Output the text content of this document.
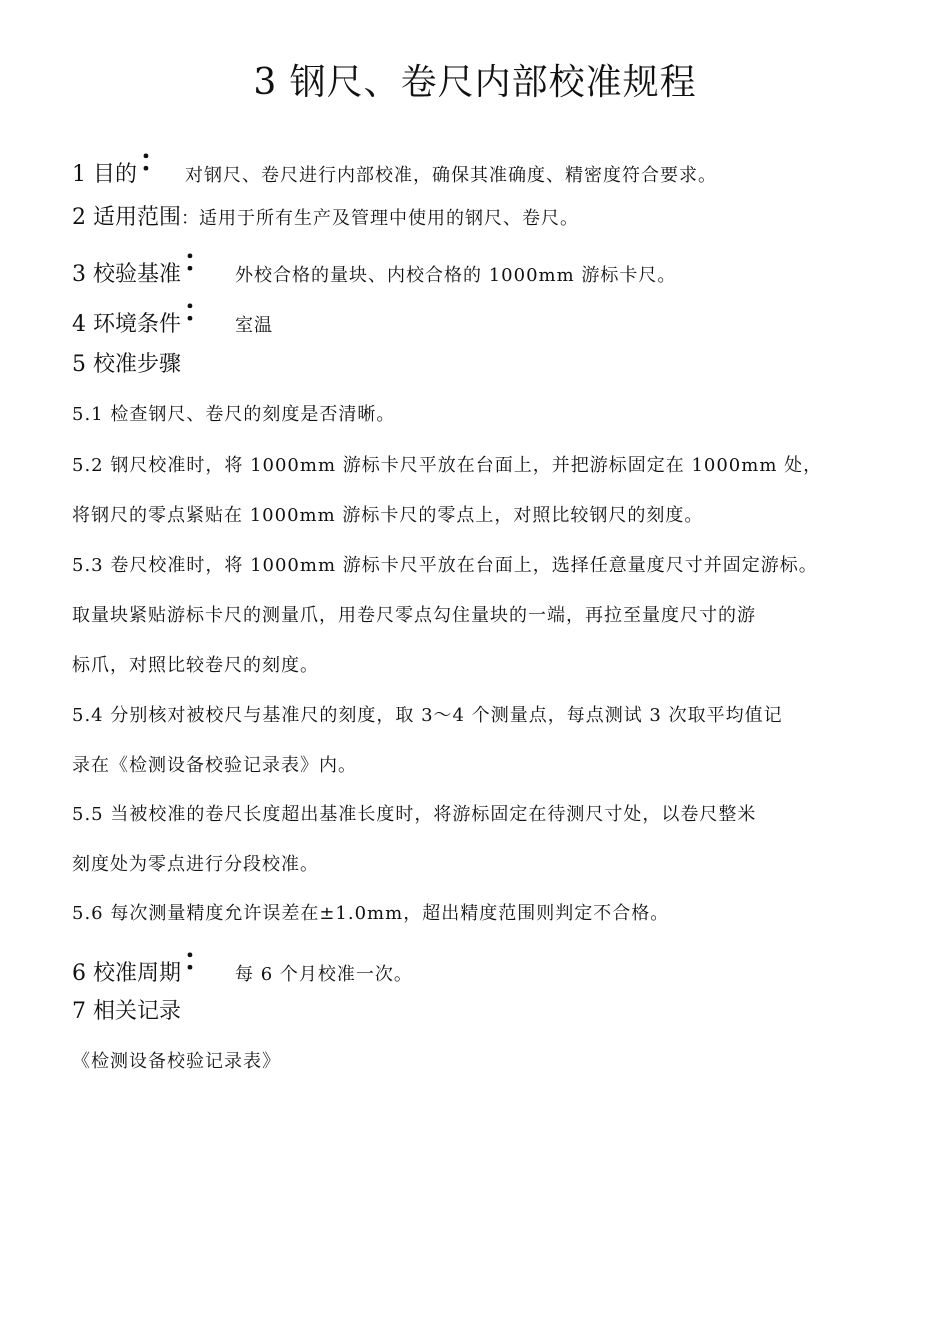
3 钢尺、卷尺内部校准规程
1 目的： 对钢尺、卷尺进行内部校准，确保其准确度、精密度符合要求。
2 适用范围：适用于所有生产及管理中使用的钢尺、卷尺。
3 校验基准： 外校合格的量块、内校合格的 1000mm 游标卡尺。
4 环境条件： 室温
5 校准步骤
5.1 检查钢尺、卷尺的刻度是否清晰。
5.2 钢尺校准时，将 1000mm 游标卡尺平放在台面上，并把游标固定在 1000mm 处，
将钢尺的零点紧贴在 1000mm 游标卡尺的零点上，对照比较钢尺的刻度。
5.3 卷尺校准时，将 1000mm 游标卡尺平放在台面上，选择任意量度尺寸并固定游标。
取量块紧贴游标卡尺的测量爪，用卷尺零点勾住量块的一端，再拉至量度尺寸的游
标爪，对照比较卷尺的刻度。
5.4 分别核对被校尺与基准尺的刻度，取 3～4 个测量点，每点测试 3 次取平均值记
录在《检测设备校验记录表》内。
5.5 当被校准的卷尺长度超出基准长度时，将游标固定在待测尺寸处，以卷尺整米
刻度处为零点进行分段校准。
5.6 每次测量精度允许误差在±1.0mm，超出精度范围则判定不合格。
6 校准周期： 每 6 个月校准一次。
7 相关记录
《检测设备校验记录表》
